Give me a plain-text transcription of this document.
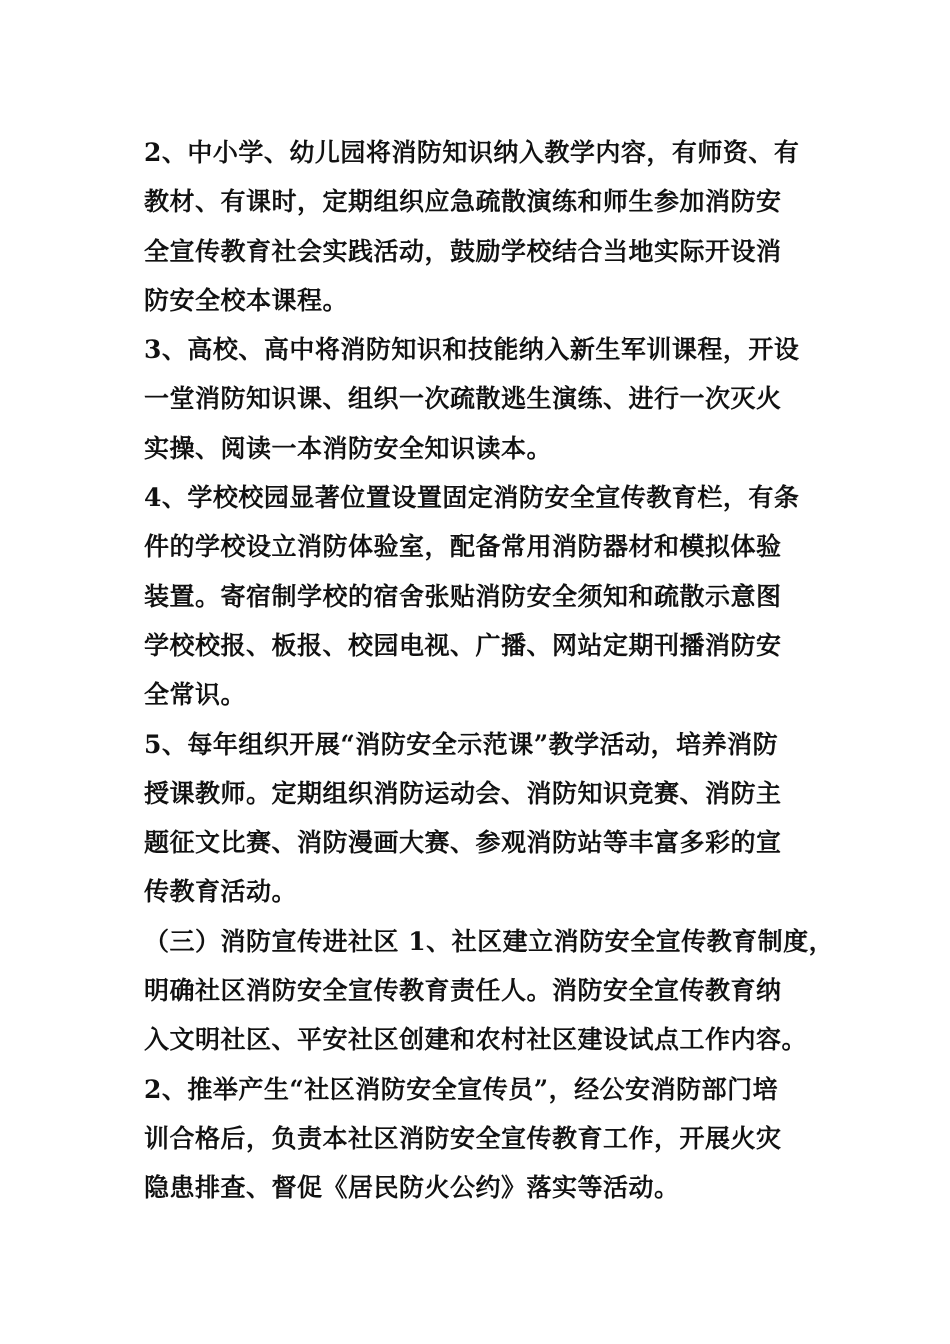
2、中小学、幼儿园将消防知识纳入教学内容，有师资、有
教材、有课时，定期组织应急疏散演练和师生参加消防安
全宣传教育社会实践活动，鼓励学校结合当地实际开设消
防安全校本课程。
3、高校、高中将消防知识和技能纳入新生军训课程，开设
一堂消防知识课、组织一次疏散逃生演练、进行一次灭火
实操、阅读一本消防安全知识读本。
4、学校校园显著位置设置固定消防安全宣传教育栏，有条
件的学校设立消防体验室，配备常用消防器材和模拟体验
装置。寄宿制学校的宿舍张贴消防安全须知和疏散示意图
学校校报、板报、校园电视、广播、网站定期刊播消防安
全常识。
5、每年组织开展“消防安全示范课”教学活动，培养消防
授课教师。定期组织消防运动会、消防知识竞赛、消防主
题征文比赛、消防漫画大赛、参观消防站等丰富多彩的宣
传教育活动。
（三）消防宣传进社区 1、社区建立消防安全宣传教育制度，
明确社区消防安全宣传教育责任人。消防安全宣传教育纳
入文明社区、平安社区创建和农村社区建设试点工作内容。
2、推举产生“社区消防安全宣传员”，经公安消防部门培
训合格后，负责本社区消防安全宣传教育工作，开展火灾
隐患排查、督促《居民防火公约》落实等活动。
